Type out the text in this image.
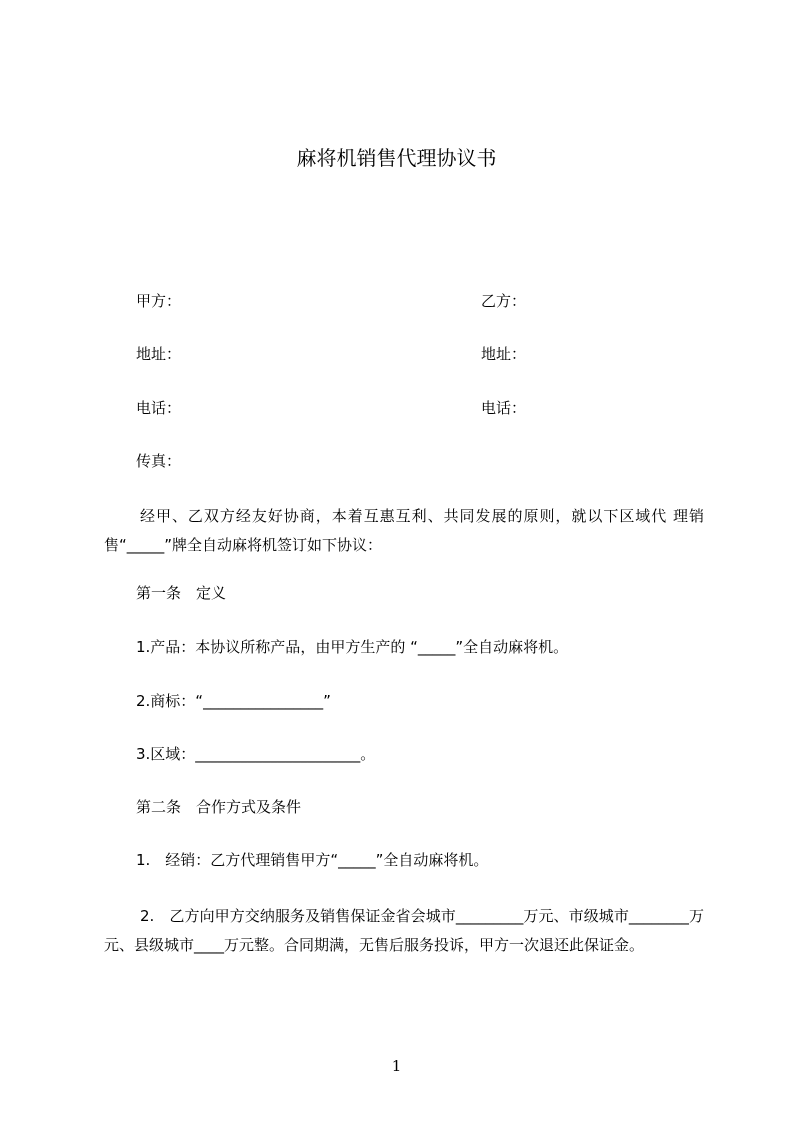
麻将机销售代理协议书
甲方：	乙方：
地址：	地址：
电话：	电话：
传真：
经甲、乙双方经友好协商，本着互惠互利、共同发展的原则，就以下区域代 理销售“_____”牌全自动麻将机签订如下协议：
第一条　定义
1.产品：本协议所称产品，由甲方生产的 “_____”全自动麻将机。
2.商标：“________________”
3.区域：______________________。
第二条　合作方式及条件
1.　经销：乙方代理销售甲方“_____”全自动麻将机。
2.　乙方向甲方交纳服务及销售保证金省会城市_________万元、市级城市________万元、县级城市____万元整。合同期满，无售后服务投诉，甲方一次退还此保证金。
1
